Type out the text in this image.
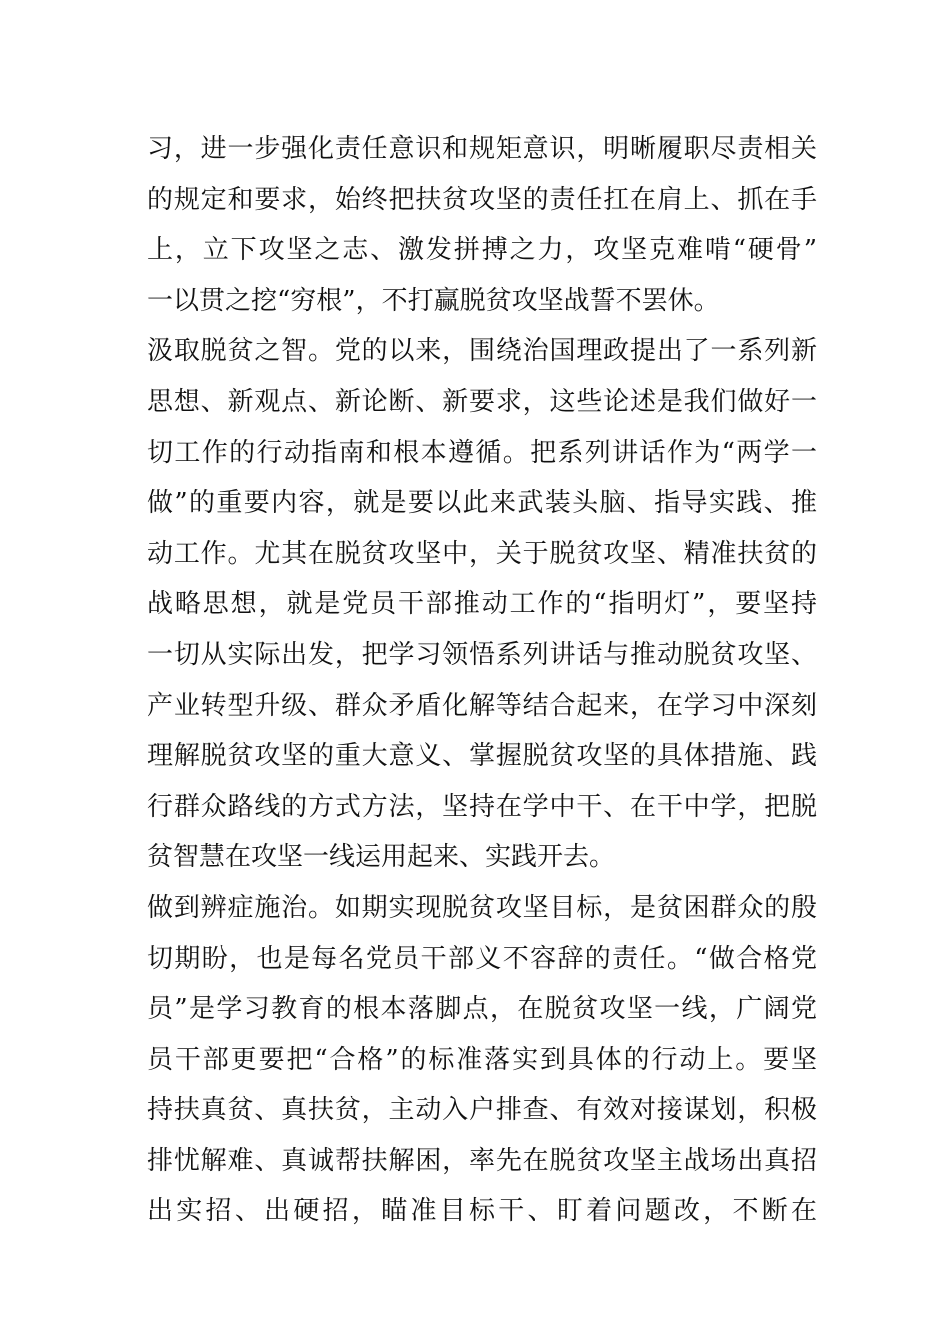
习，进一步强化责任意识和规矩意识，明晰履职尽责相关
的规定和要求，始终把扶贫攻坚的责任扛在肩上、抓在手
上，立下攻坚之志、激发拼搏之力，攻坚克难啃“硬骨”
一以贯之挖“穷根”，不打赢脱贫攻坚战誓不罢休。
汲取脱贫之智。党的以来，围绕治国理政提出了一系列新
思想、新观点、新论断、新要求，这些论述是我们做好一
切工作的行动指南和根本遵循。把系列讲话作为“两学一
做”的重要内容，就是要以此来武装头脑、指导实践、推
动工作。尤其在脱贫攻坚中，关于脱贫攻坚、精准扶贫的
战略思想，就是党员干部推动工作的“指明灯”，要坚持
一切从实际出发，把学习领悟系列讲话与推动脱贫攻坚、
产业转型升级、群众矛盾化解等结合起来，在学习中深刻
理解脱贫攻坚的重大意义、掌握脱贫攻坚的具体措施、践
行群众路线的方式方法，坚持在学中干、在干中学，把脱
贫智慧在攻坚一线运用起来、实践开去。
做到辨症施治。如期实现脱贫攻坚目标，是贫困群众的殷
切期盼，也是每名党员干部义不容辞的责任。“做合格党
员”是学习教育的根本落脚点，在脱贫攻坚一线，广阔党
员干部更要把“合格”的标准落实到具体的行动上。要坚
持扶真贫、真扶贫，主动入户排查、有效对接谋划，积极
排忧解难、真诚帮扶解困，率先在脱贫攻坚主战场出真招
出实招、出硬招，瞄准目标干、盯着问题改，不断在
